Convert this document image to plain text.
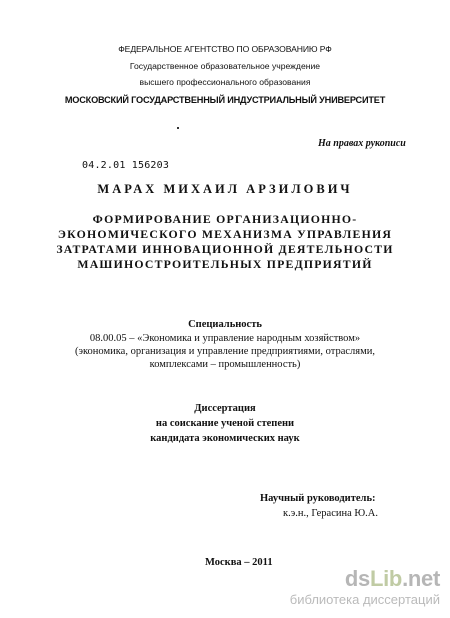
ФЕДЕРАЛЬНОЕ АГЕНТСТВО ПО ОБРАЗОВАНИЮ РФ
Государственное образовательное учреждение
высшего профессионального образования
МОСКОВСКИЙ ГОСУДАРСТВЕННЫЙ ИНДУСТРИАЛЬНЫЙ УНИВЕРСИТЕТ
На правах рукописи
04.2.01 156203
МАРАХ МИХАИЛ АРЗИЛОВИЧ
ФОРМИРОВАНИЕ ОРГАНИЗАЦИОННО-
ЭКОНОМИЧЕСКОГО МЕХАНИЗМА УПРАВЛЕНИЯ
ЗАТРАТАМИ ИННОВАЦИОННОЙ ДЕЯТЕЛЬНОСТИ
МАШИНОСТРОИТЕЛЬНЫХ ПРЕДПРИЯТИЙ
Специальность
08.00.05 – «Экономика и управление народным хозяйством»
(экономика, организация и управление предприятиями, отраслями,
комплексами – промышленность)
Диссертация
на соискание ученой степени
кандидата экономических наук
Научный руководитель:
к.э.н., Герасина Ю.А.
Москва – 2011
dsLib.net
библиотека диссертаций
